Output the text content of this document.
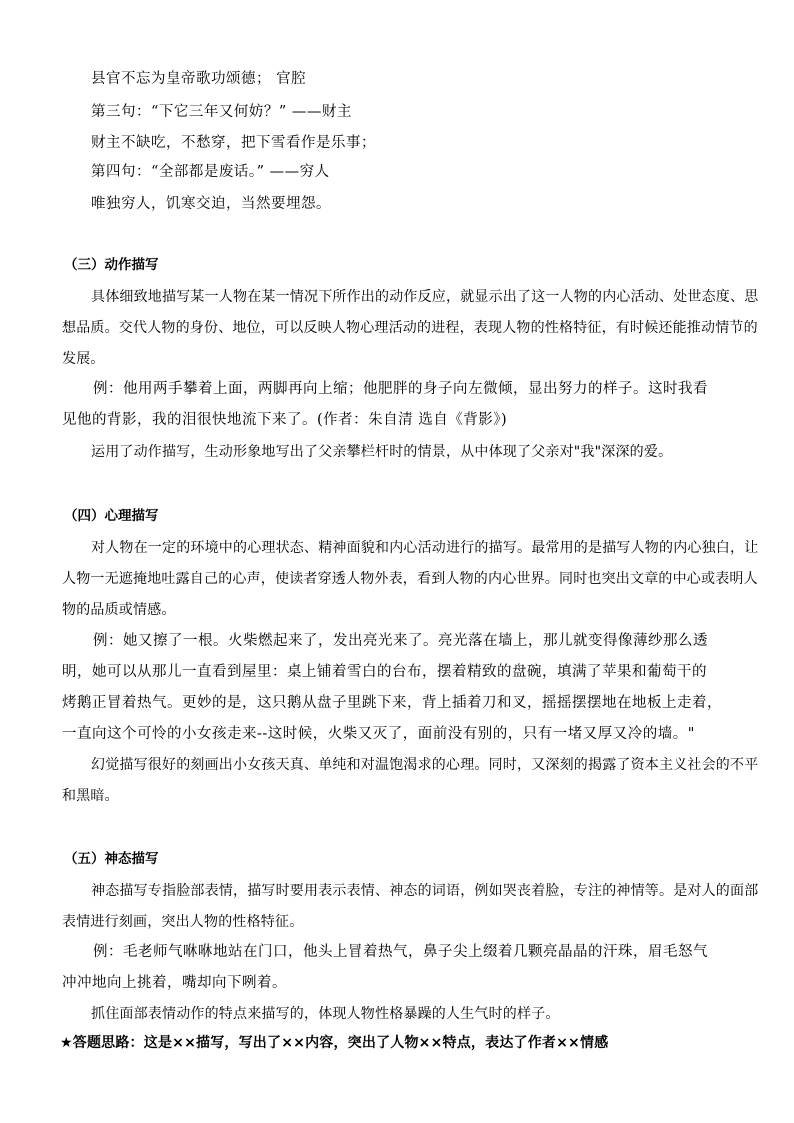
县官不忘为皇帝歌功颂德； 官腔
第三句：“下它三年又何妨？” ——财主
财主不缺吃，不愁穿，把下雪看作是乐事；
第四句：“全部都是废话。” ——穷人
唯独穷人，饥寒交迫，当然要埋怨。
（三）动作描写
具体细致地描写某一人物在某一情况下所作出的动作反应，就显示出了这一人物的内心活动、处世态度、思
想品质。交代人物的身份、地位，可以反映人物心理活动的进程，表现人物的性格特征，有时候还能推动情节的
发展。
例：他用两手攀着上面，两脚再向上缩；他肥胖的身子向左微倾，显出努力的样子。这时我看
见他的背影，我的泪很快地流下来了。(作者：朱自清 选自《背影》)
运用了动作描写，生动形象地写出了父亲攀栏杆时的情景，从中体现了父亲对"我"深深的爱。
（四）心理描写
对人物在一定的环境中的心理状态、精神面貌和内心活动进行的描写。最常用的是描写人物的内心独白，让
人物一无遮掩地吐露自己的心声，使读者穿透人物外表，看到人物的内心世界。同时也突出文章的中心或表明人
物的品质或情感。
例：她又擦了一根。火柴燃起来了，发出亮光来了。亮光落在墙上，那儿就变得像薄纱那么透
明，她可以从那儿一直看到屋里：桌上铺着雪白的台布，摆着精致的盘碗，填满了苹果和葡萄干的
烤鹅正冒着热气。更妙的是，这只鹅从盘子里跳下来，背上插着刀和叉，摇摇摆摆地在地板上走着，
一直向这个可怜的小女孩走来--这时候，火柴又灭了，面前没有别的，只有一堵又厚又冷的墙。"
幻觉描写很好的刻画出小女孩天真、单纯和对温饱渴求的心理。同时，又深刻的揭露了资本主义社会的不平
和黑暗。
（五）神态描写
神态描写专指脸部表情，描写时要用表示表情、神态的词语，例如哭丧着脸，专注的神情等。是对人的面部
表情进行刻画，突出人物的性格特征。
例：毛老师气咻咻地站在门口，他头上冒着热气，鼻子尖上缀着几颗亮晶晶的汗珠，眉毛怒气
冲冲地向上挑着，嘴却向下咧着。
抓住面部表情动作的特点来描写的，体现人物性格暴躁的人生气时的样子。
★答题思路：这是××描写，写出了××内容，突出了人物××特点，表达了作者××情感
